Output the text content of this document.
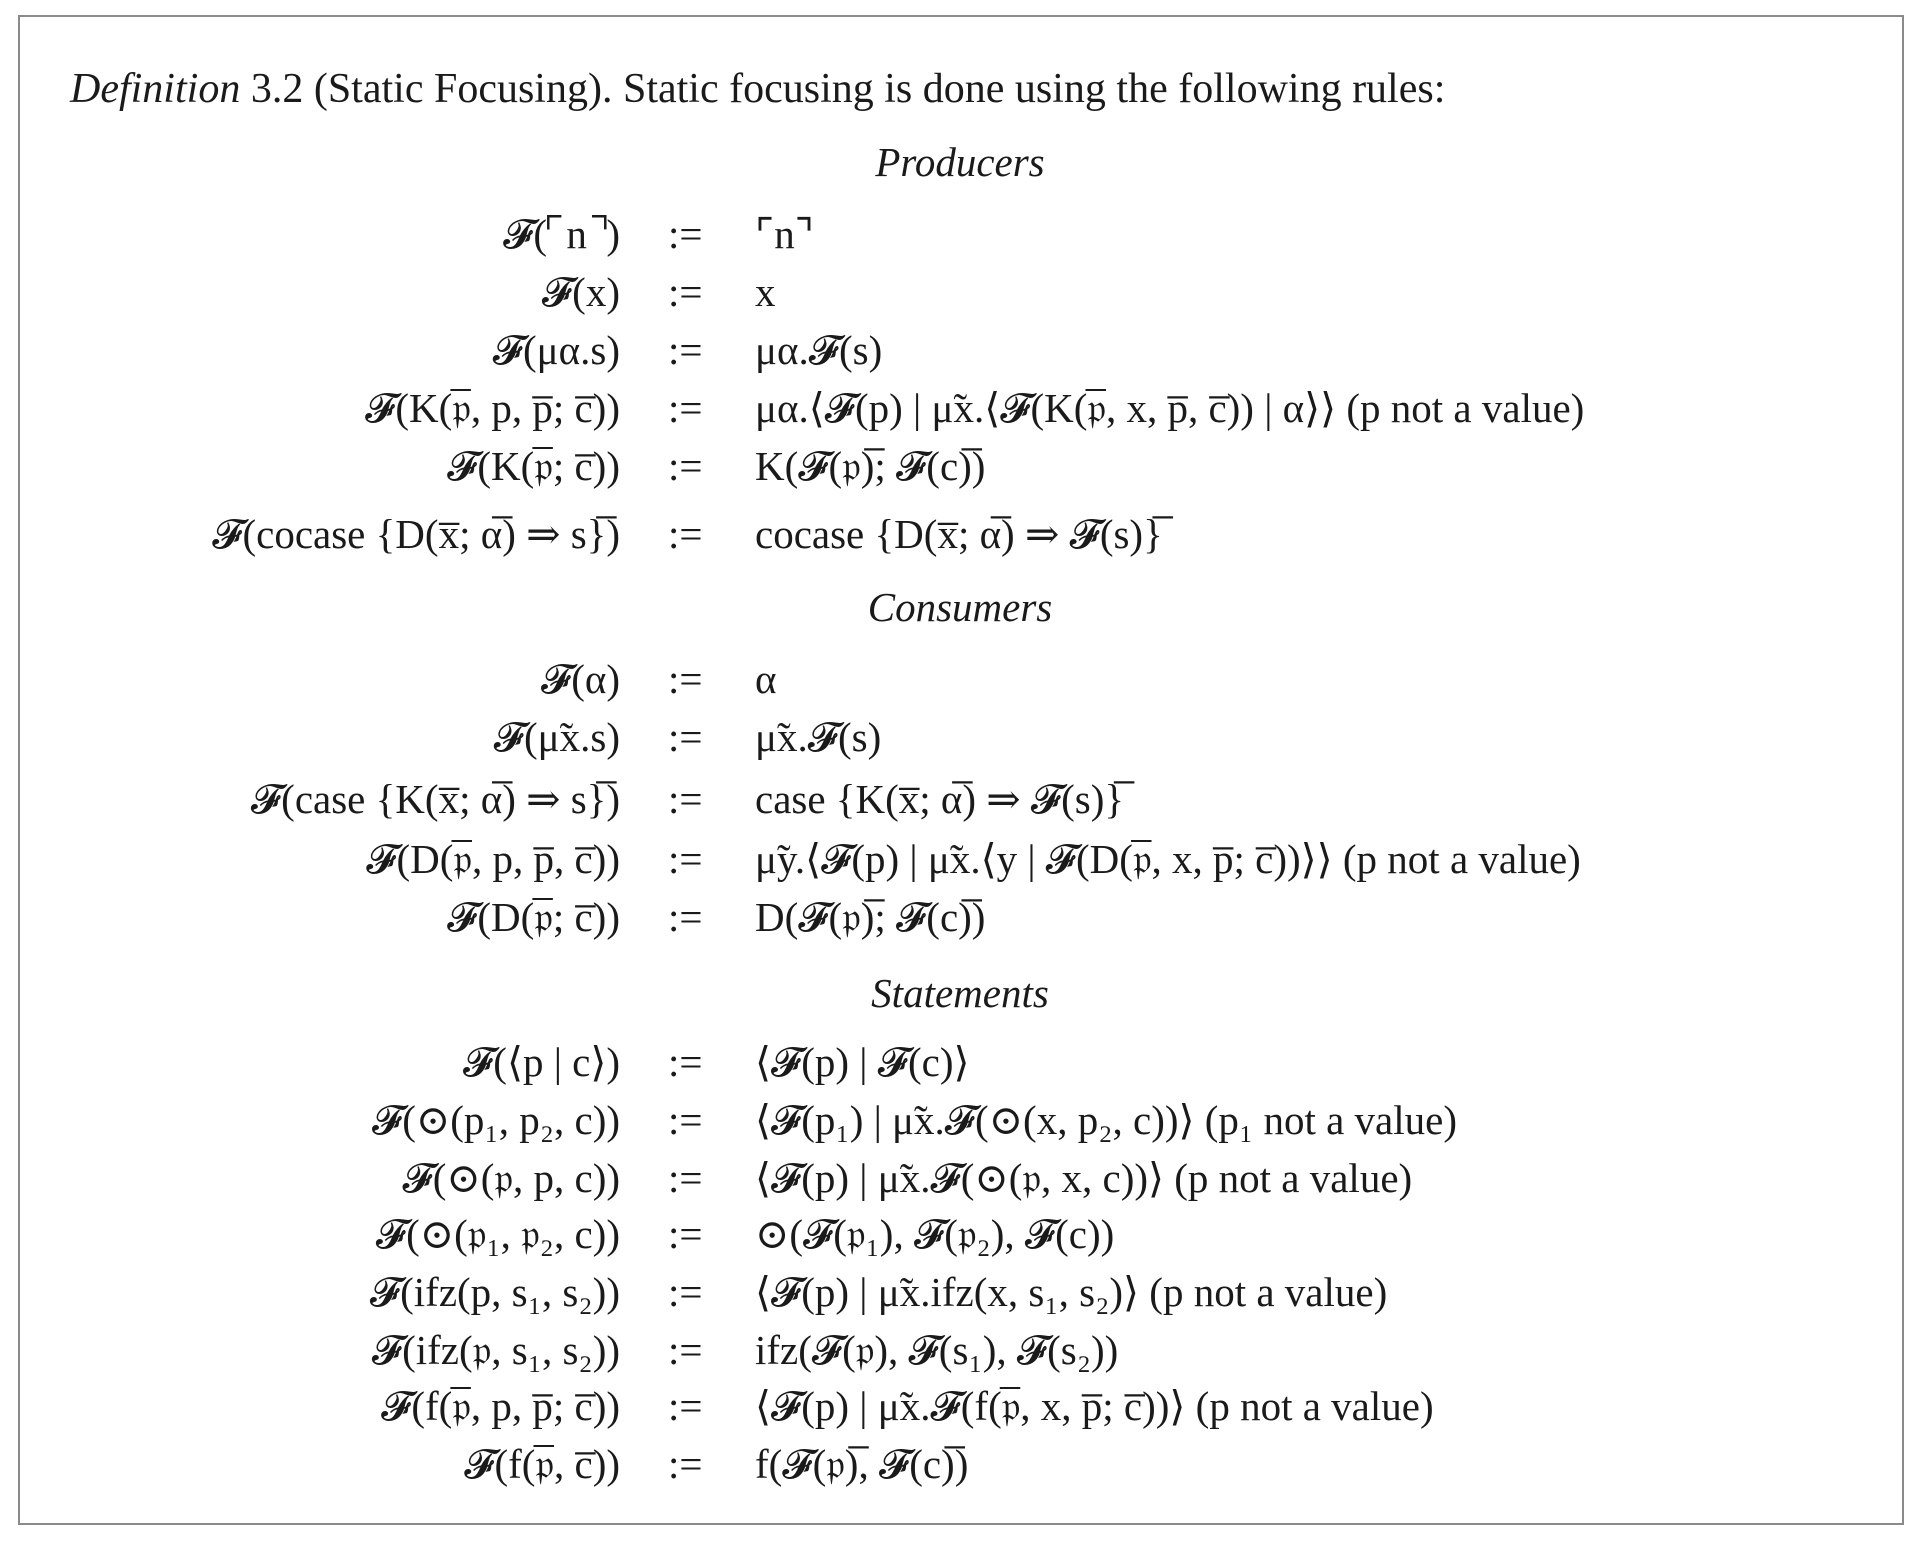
Definition 3.2 (Static Focusing). Static focusing is done using the following rules:
Producers
𝓕(⌜n⌝) := ⌜n⌝
𝓕(x) := x
𝓕(μα.s) := μα.𝓕(s)
𝓕(K(𝔭̅, p, p̅; c̅)) := μα.⟨𝓕(p) | μ̃x.⟨𝓕(K(𝔭̅, x, p̅, c̅)) | α⟩⟩ (p not a value)
𝓕(K(𝔭̅; c̅)) := K(𝓕(𝔭)̅; 𝓕(c)̅)
𝓕(cocase {D(x̅; α̅) ⇒ s}̅) := cocase {D(x̅; α̅) ⇒ 𝓕(s)}̅
Consumers
𝓕(α) := α
𝓕(μ̃x.s) := μ̃x.𝓕(s)
𝓕(case {K(x̅; α̅) ⇒ s}̅) := case {K(x̅; α̅) ⇒ 𝓕(s)}̅
𝓕(D(𝔭̅, p, p̅, c̅)) := μ̃y.⟨𝓕(p) | μ̃x.⟨y | 𝓕(D(𝔭̅, x, p̅; c̅))⟩⟩ (p not a value)
𝓕(D(𝔭̅; c̅)) := D(𝓕(𝔭)̅; 𝓕(c)̅)
Statements
𝓕(⟨p | c⟩) := ⟨𝓕(p) | 𝓕(c)⟩
𝓕(⊙(p₁, p₂, c)) := ⟨𝓕(p₁) | μ̃x.𝓕(⊙(x, p₂, c))⟩ (p₁ not a value)
𝓕(⊙(𝔭, p, c)) := ⟨𝓕(p) | μ̃x.𝓕(⊙(𝔭, x, c))⟩ (p not a value)
𝓕(⊙(𝔭₁, 𝔭₂, c)) := ⊙(𝓕(𝔭₁), 𝓕(𝔭₂), 𝓕(c))
𝓕(ifz(p, s₁, s₂)) := ⟨𝓕(p) | μ̃x.ifz(x, s₁, s₂)⟩ (p not a value)
𝓕(ifz(𝔭, s₁, s₂)) := ifz(𝓕(𝔭), 𝓕(s₁), 𝓕(s₂))
𝓕(f(𝔭̅, p, p̅; c̅)) := ⟨𝓕(p) | μ̃x.𝓕(f(𝔭̅, x, p̅; c̅))⟩ (p not a value)
𝓕(f(𝔭̅, c̅)) := f(𝓕(𝔭)̅, 𝓕(c)̅)
